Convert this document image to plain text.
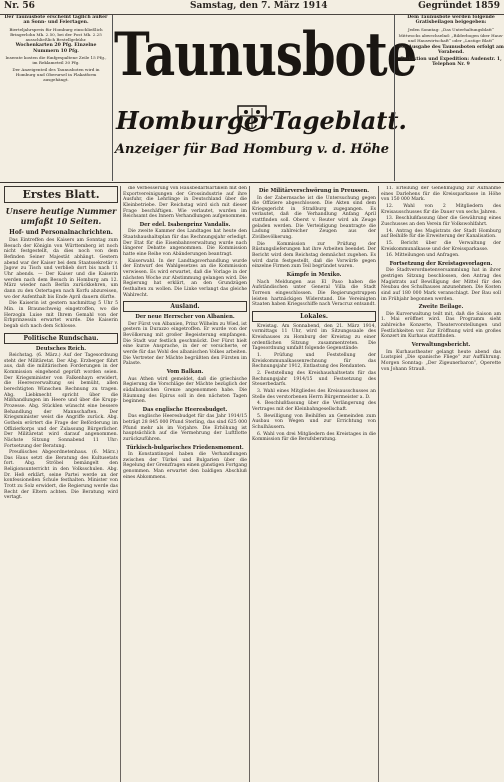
Nr. 56	Samstag, den 7. März 1914	Gegründet 1859

Der Taunusbote erscheint täglich außer an Sonn- und Feiertagen.

Bierteljahrspreis für Homburg einschließlich Bringerlohn Mk. 2.50, bei der Post Mk. 2.25 ausschließlich Bestellgebühr.

Wochenkarten 20 Pfg. Einzelne Nummern 10 Pfg.

Inserate kosten die fünfgespaltene Zeile 15 Pfg., im Reklameteil 30 Pfg.

Der Anzeigenteil des Taunusboten wird in Homburg und Oberursel in Plakatform ausgehängt. Taunusbote
Homburger Tageblatt.
Anzeiger für Bad Homburg v. d. Höhe

Dem Taunusbote werden folgende Gratisbeilagen beigegeben:

Jeden Sonntag: „Das Unterhaltungsblatt“

Mittwochs abwechselnd: „Bilderbogen über Haus- und Hauswirtschaft“ oder „Lustige Blatt“

Die Ausgabe des Taunusboten erfolgt am Vorabend.

Redaktion und Expedition: Audenstr. 1, Telephon Nr. 9

Erstes Blatt.
Unsere heutige Nummer umfaßt 10 Seiten.

Hof- und Personalnachrichten.

Das Eintreffen des Kaisers am Sonntag zum Besuch der Königin von Württemberg ist noch nicht festgestellt, da dies noch von dem Befinden Seiner Majestät abhängt. Gestern abend war der Kaiser bei dem Staatssekretär v. Jagow zu Tisch und verblieb dort bis nach 11 Uhr abends. — Der Kaiser und die Kaiserin werden nach dem Besuch in Homburg am 12. März wieder nach Berlin zurückkehren, um dann zu den Ostertagen nach Korfu abzureisen, wo der Aufenthalt bis Ende April dauern dürfte.

Die Kaiserin ist gestern nachmittag 5 Uhr 5 Min. in Braunschweig eingetroffen, wo die Herzogin Luise mit Ihrem Gemahl von der Erbprinzessin erwartet wurde. Die Kaiserin begab sich nach dem Schlosse.

Politische Rundschau.

Deutsches Reich.

Reichstag. (6. März.) Auf der Tagesordnung steht der Militäretat. Der Abg. Erzberger führt aus, daß die militärischen Forderungen in der Kommission eingehend geprüft worden seien. Der Kriegsminister von Falkenhayn erwidert, die Heeresverwaltung sei bemüht, allen berechtigten Wünschen Rechnung zu tragen. Abg. Liebknecht spricht über die Mißhandlungen im Heere und über die Krupp-Prozesse. Abg. Stücklen wünscht eine bessere Behandlung der Mannschaften. Der Kriegsminister weist die Angriffe zurück. Abg. Gothein erörtert die Frage der Beförderung im Offizierkorps und der Zulassung Bürgerlicher. Der Militäretat wird darauf angenommen. Nächste Sitzung Sonnabend 11 Uhr: Fortsetzung der Beratung.

Preußisches Abgeordnetenhaus. (6. März.) Das Haus setzt die Beratung des Kultusetats fort. Abg. Ströbel bemängelt den Religionsunterricht in den Volksschulen. Abg. Dr. Heß erklärt, seine Partei werde an der konfessionellen Schule festhalten. Minister von Trott zu Solz erwidert, die Regierung werde das Recht der Eltern achten. Die Beratung wird vertagt.

die Verbesserung von Hausbedarfsartikeln mit den Exportvereinigungen der Grossindustrie auf ihre Ausfuhr, die Lehrlinge in Deutschland über die Kleinbetriebe. Der Reichstag wird sich mit dieser Frage beschäftigen. Wie verlautet, wurden im Reichsamt des Innern Verhandlungen aufgenommen.

Der edel. Isabenprinz Vandalis.

Die zweite Kammer des Landtages hat heute den Staatshaushaltsplan für das Rechnungsjahr erledigt. Der Etat für die Eisenbahnverwaltung wurde nach längerer Debatte angenommen. Die Kommission hatte eine Reihe von Abänderungen beantragt.

Kaiserwahl. In der Landtagsverhandlung wurde der Entwurf des Wahlgesetzes an die Kommission verwiesen. Es wird erwartet, daß die Vorlage in der nächsten Woche zur Abstimmung gelangen wird. Die Regierung hat erklärt, an den Grundzügen festhalten zu wollen. Die Linke verlangt das gleiche Wahlrecht.

Ausland.

Der neue Herrscher von Albanien.

Der Fürst von Albanien, Prinz Wilhelm zu Wied, ist gestern in Durazzo eingetroffen. Er wurde von der Bevölkerung mit großer Begeisterung empfangen. Die Stadt war festlich geschmückt. Der Fürst hielt eine kurze Ansprache, in der er versicherte, er werde für das Wohl des albanischen Volkes arbeiten. Die Vertreter der Mächte begrüßten den Fürsten im Palaste.

Vom Balkan.

Aus Athen wird gemeldet, daß die griechische Regierung die Vorschläge der Mächte bezüglich der südalbanischen Grenze angenommen habe. Die Räumung des Epirus soll in den nächsten Tagen beginnen.

Das englische Heeresbudget.

Das englische Heeresbudget für das Jahr 1914/15 beträgt 28 845 000 Pfund Sterling, das sind 625 000 Pfund mehr als im Vorjahre. Die Erhöhung ist hauptsächlich auf die Vermehrung der Luftflotte zurückzuführen.

Türkisch-bulgarisches Friedensmoment.

In Konstantinopel haben die Verhandlungen zwischen der Türkei und Bulgarien über die Regelung der Grenzfragen einen günstigen Fortgang genommen. Man erwartet den baldigen Abschluß eines Abkommens.

Die Militärverschwörung in Preussen.

In der Zabernsache ist die Untersuchung gegen die Offiziere abgeschlossen. Die Akten sind dem Kriegsgericht in Straßburg zugegangen. Es verlautet, daß die Verhandlung Anfang April stattfinden soll. Oberst v. Reuter wird als Zeuge geladen werden. Die Verteidigung beantragte die Ladung zahlreicher Zeugen aus der Zivilbevölkerung.

Die Kommission zur Prüfung der Rüstungslieferungen hat ihre Arbeiten beendet. Der Bericht wird dem Reichstag demnächst zugehen. Es wird darin festgestellt, daß die Vorwürfe gegen einzelne Firmen zum Teil begründet waren.

Kämpfe in Mexiko.

Nach Meldungen aus El Paso haben die Aufständischen unter General Villa die Stadt Torreon eingeschlossen. Die Regierungstruppen leisten hartnäckigen Widerstand. Die Vereinigten Staaten haben Kriegsschiffe nach Veracruz entsandt.

Lokales.

Kreistag. Am Sonnabend, den 21. März 1914, vormittags 11 Uhr, wird im Sitzungssaale des Kreishauses zu Homburg der Kreistag zu einer ordentlichen Sitzung zusammentreten. Die Tagesordnung umfaßt folgende Gegenstände:

1. Prüfung und Feststellung der Kreiskommunalkassenrechnung für das Rechnungsjahr 1912, Entlastung des Rendanten.

2. Feststellung des Kreishaushaltsetats für das Rechnungsjahr 1914/15 und Festsetzung des Steuerbedarfs.

3. Wahl eines Mitgliedes des Kreisausschusses an Stelle des verstorbenen Herrn Bürgermeister a. D.

4. Beschlußfassung über die Verlängerung des Vertrages mit der Kleinbahngesellschaft.

5. Bewilligung von Beihilfen an Gemeinden zum Ausbau von Wegen und zur Errichtung von Schulhäusern.

6. Wahl von drei Mitgliedern des Kreistages in die Kommission für die Berufsberatung.

11. Erteilung der Genehmigung zur Aufnahme eines Darlehens für die Kreissparkasse in Höhe von 150 000 Mark.

12. Wahl von 2 Mitgliedern des Kreisausschusses für die Dauer von sechs Jahren.

13. Beschlußfassung über die Gewährung eines Zuschusses an den Verein für Volkswohlfahrt.

14. Antrag des Magistrats der Stadt Homburg auf Beihilfe für die Erweiterung der Kanalisation.

15. Bericht über die Verwaltung der Kreiskommunalkasse und der Kreissparkasse.

16. Mitteilungen und Anfragen.

Fortsetzung der Kreistagsvorlagen.

Die Stadtverordnetenversammlung hat in ihrer gestrigen Sitzung beschlossen, den Antrag des Magistrats auf Bewilligung der Mittel für den Neubau des Schulhauses anzunehmen. Die Kosten sind auf 180 000 Mark veranschlagt. Der Bau soll im Frühjahr begonnen werden.

Zweite Beilage.

Die Kurverwaltung teilt mit, daß die Saison am 1. Mai eröffnet wird. Das Programm sieht zahlreiche Konzerte, Theatervorstellungen und Festlichkeiten vor. Zur Eröffnung wird ein großes Konzert im Kurhaus stattfinden.

Verwaltungsbericht.

Im Kurhaustheater gelangt heute abend das Lustspiel „Die spanische Fliege“ zur Aufführung. Morgen Sonntag: „Der Zigeunerbaron“, Operette von Johann Strauß.
